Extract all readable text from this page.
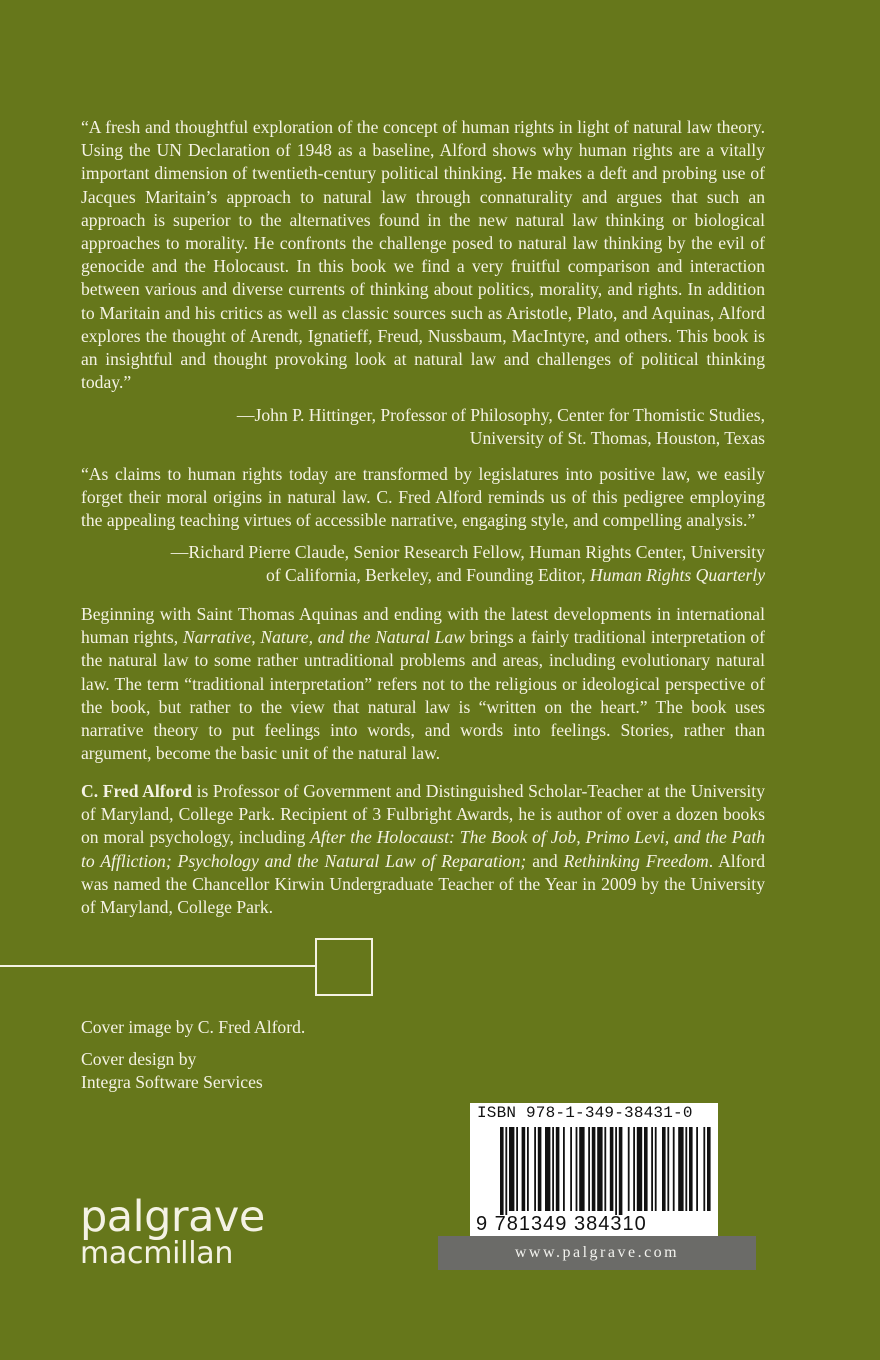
“A fresh and thoughtful exploration of the concept of human rights in light of natural law theory. Using the UN Declaration of 1948 as a baseline, Alford shows why human rights are a vitally important dimension of twentieth-century political thinking. He makes a deft and probing use of Jacques Maritain’s approach to natural law through connaturality and argues that such an approach is superior to the alternatives found in the new natural law thinking or biological approaches to morality. He confronts the challenge posed to natural law thinking by the evil of genocide and the Holocaust. In this book we find a very fruitful comparison and interaction between various and diverse currents of thinking about politics, morality, and rights. In addition to Maritain and his critics as well as classic sources such as Aristotle, Plato, and Aquinas, Alford explores the thought of Arendt, Ignatieff, Freud, Nussbaum, MacIntyre, and others. This book is an insightful and thought provoking look at natural law and challenges of political thinking today.”

—John P. Hittinger, Professor of Philosophy, Center for Thomistic Studies,
University of St. Thomas, Houston, Texas

“As claims to human rights today are transformed by legislatures into positive law, we easily forget their moral origins in natural law. C. Fred Alford reminds us of this pedigree employing the appealing teaching virtues of accessible narrative, engaging style, and compelling analysis.”

—Richard Pierre Claude, Senior Research Fellow, Human Rights Center, University
of California, Berkeley, and Founding Editor, Human Rights Quarterly

Beginning with Saint Thomas Aquinas and ending with the latest developments in international human rights, Narrative, Nature, and the Natural Law brings a fairly traditional interpretation of the natural law to some rather untraditional problems and areas, including evolutionary natural law. The term “traditional interpretation” refers not to the religious or ideological perspective of the book, but rather to the view that natural law is “written on the heart.” The book uses narrative theory to put feelings into words, and words into feelings. Stories, rather than argument, become the basic unit of the natural law.

C. Fred Alford is Professor of Government and Distinguished Scholar-Teacher at the University of Maryland, College Park. Recipient of 3 Fulbright Awards, he is author of over a dozen books on moral psychology, including After the Holocaust: The Book of Job, Primo Levi, and the Path to Affliction; Psychology and the Natural Law of Reparation; and Rethinking Freedom. Alford was named the Chancellor Kirwin Undergraduate Teacher of the Year in 2009 by the University of Maryland, College Park.

Cover image by C. Fred Alford.

Cover design by

Integra Software Services

palgrave
macmillan
ISBN 978-1-349-38431-0
9 781349 384310
www.palgrave.com
